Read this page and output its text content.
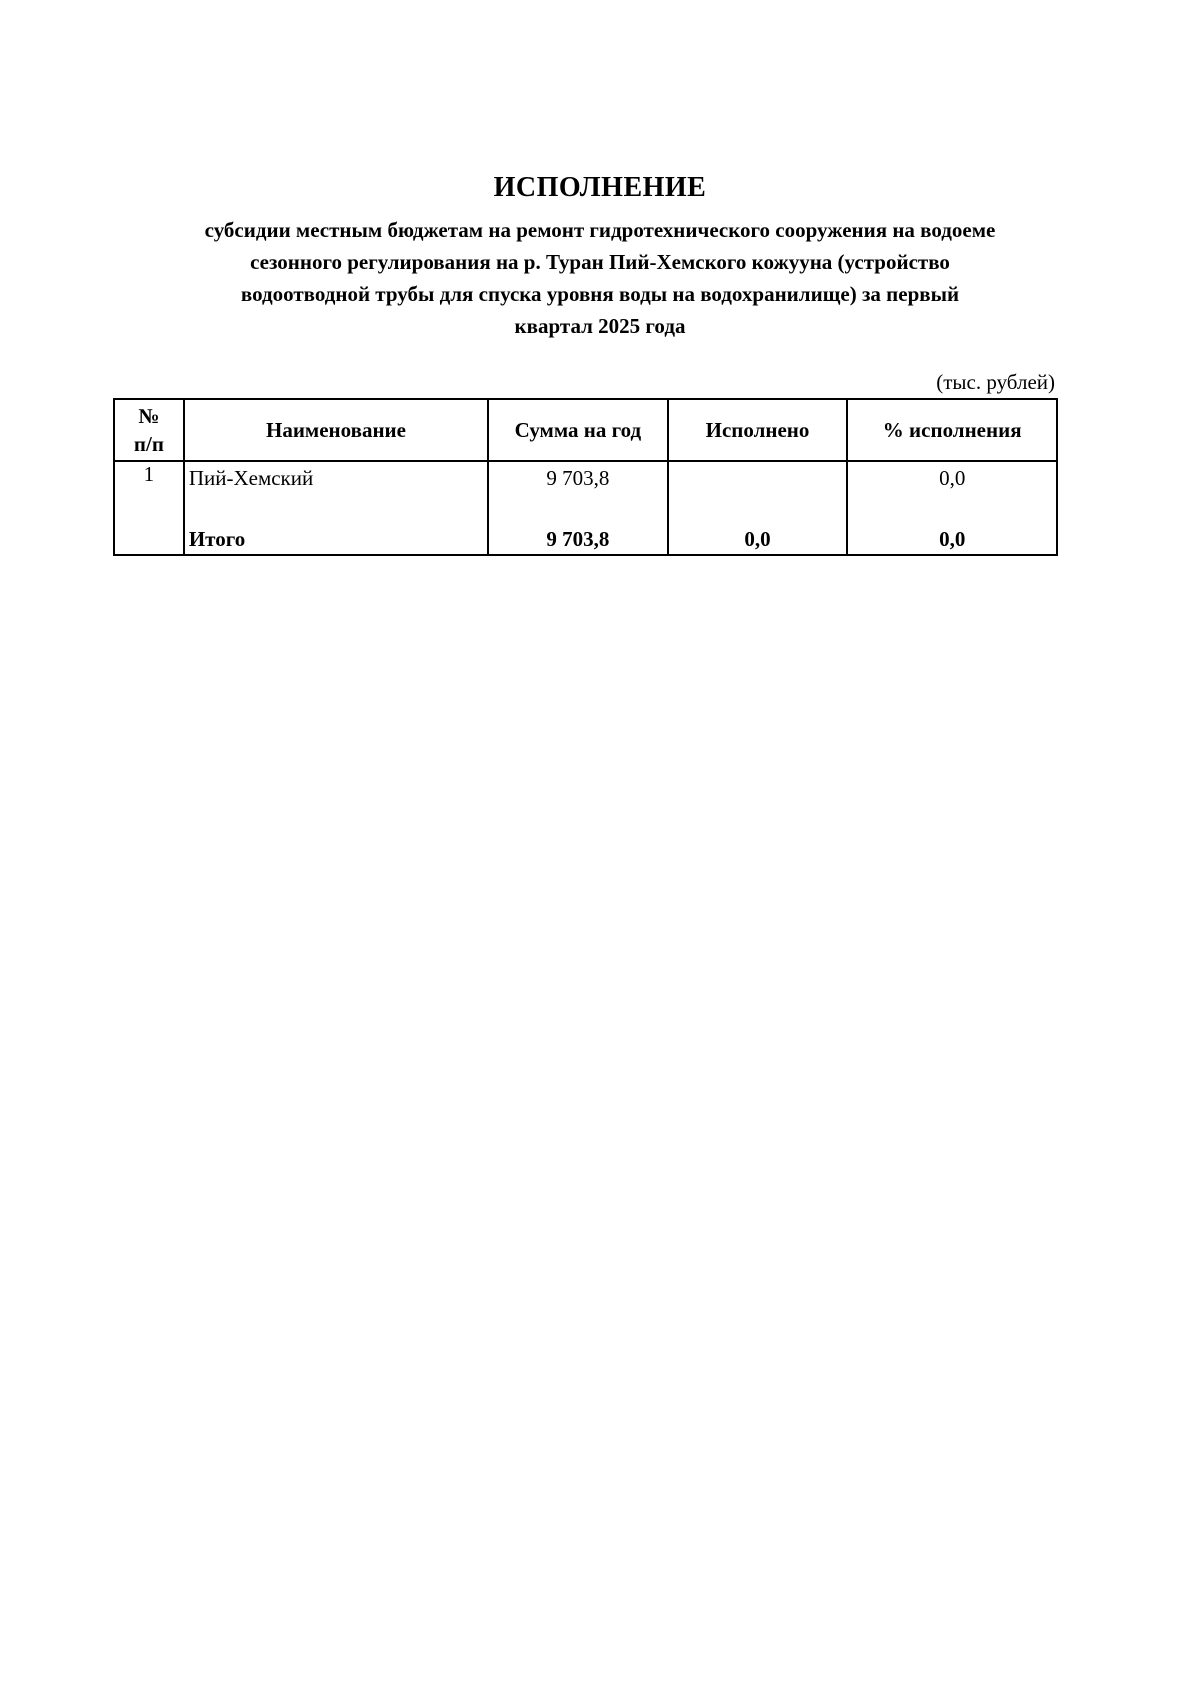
ИСПОЛНЕНИЕ
субсидии местным бюджетам на ремонт гидротехнического сооружения на водоеме
сезонного регулирования на р. Туран Пий-Хемского кожууна (устройство
водоотводной трубы для спуска уровня воды на водохранилище) за первый
квартал 2025 года
(тыс. рублей)
№
п/п	Наименование	Сумма на год	Исполнено	% исполнения
1	Пий-Хемский	9 703,8		0,0
	Итого	9 703,8	0,0	0,0
